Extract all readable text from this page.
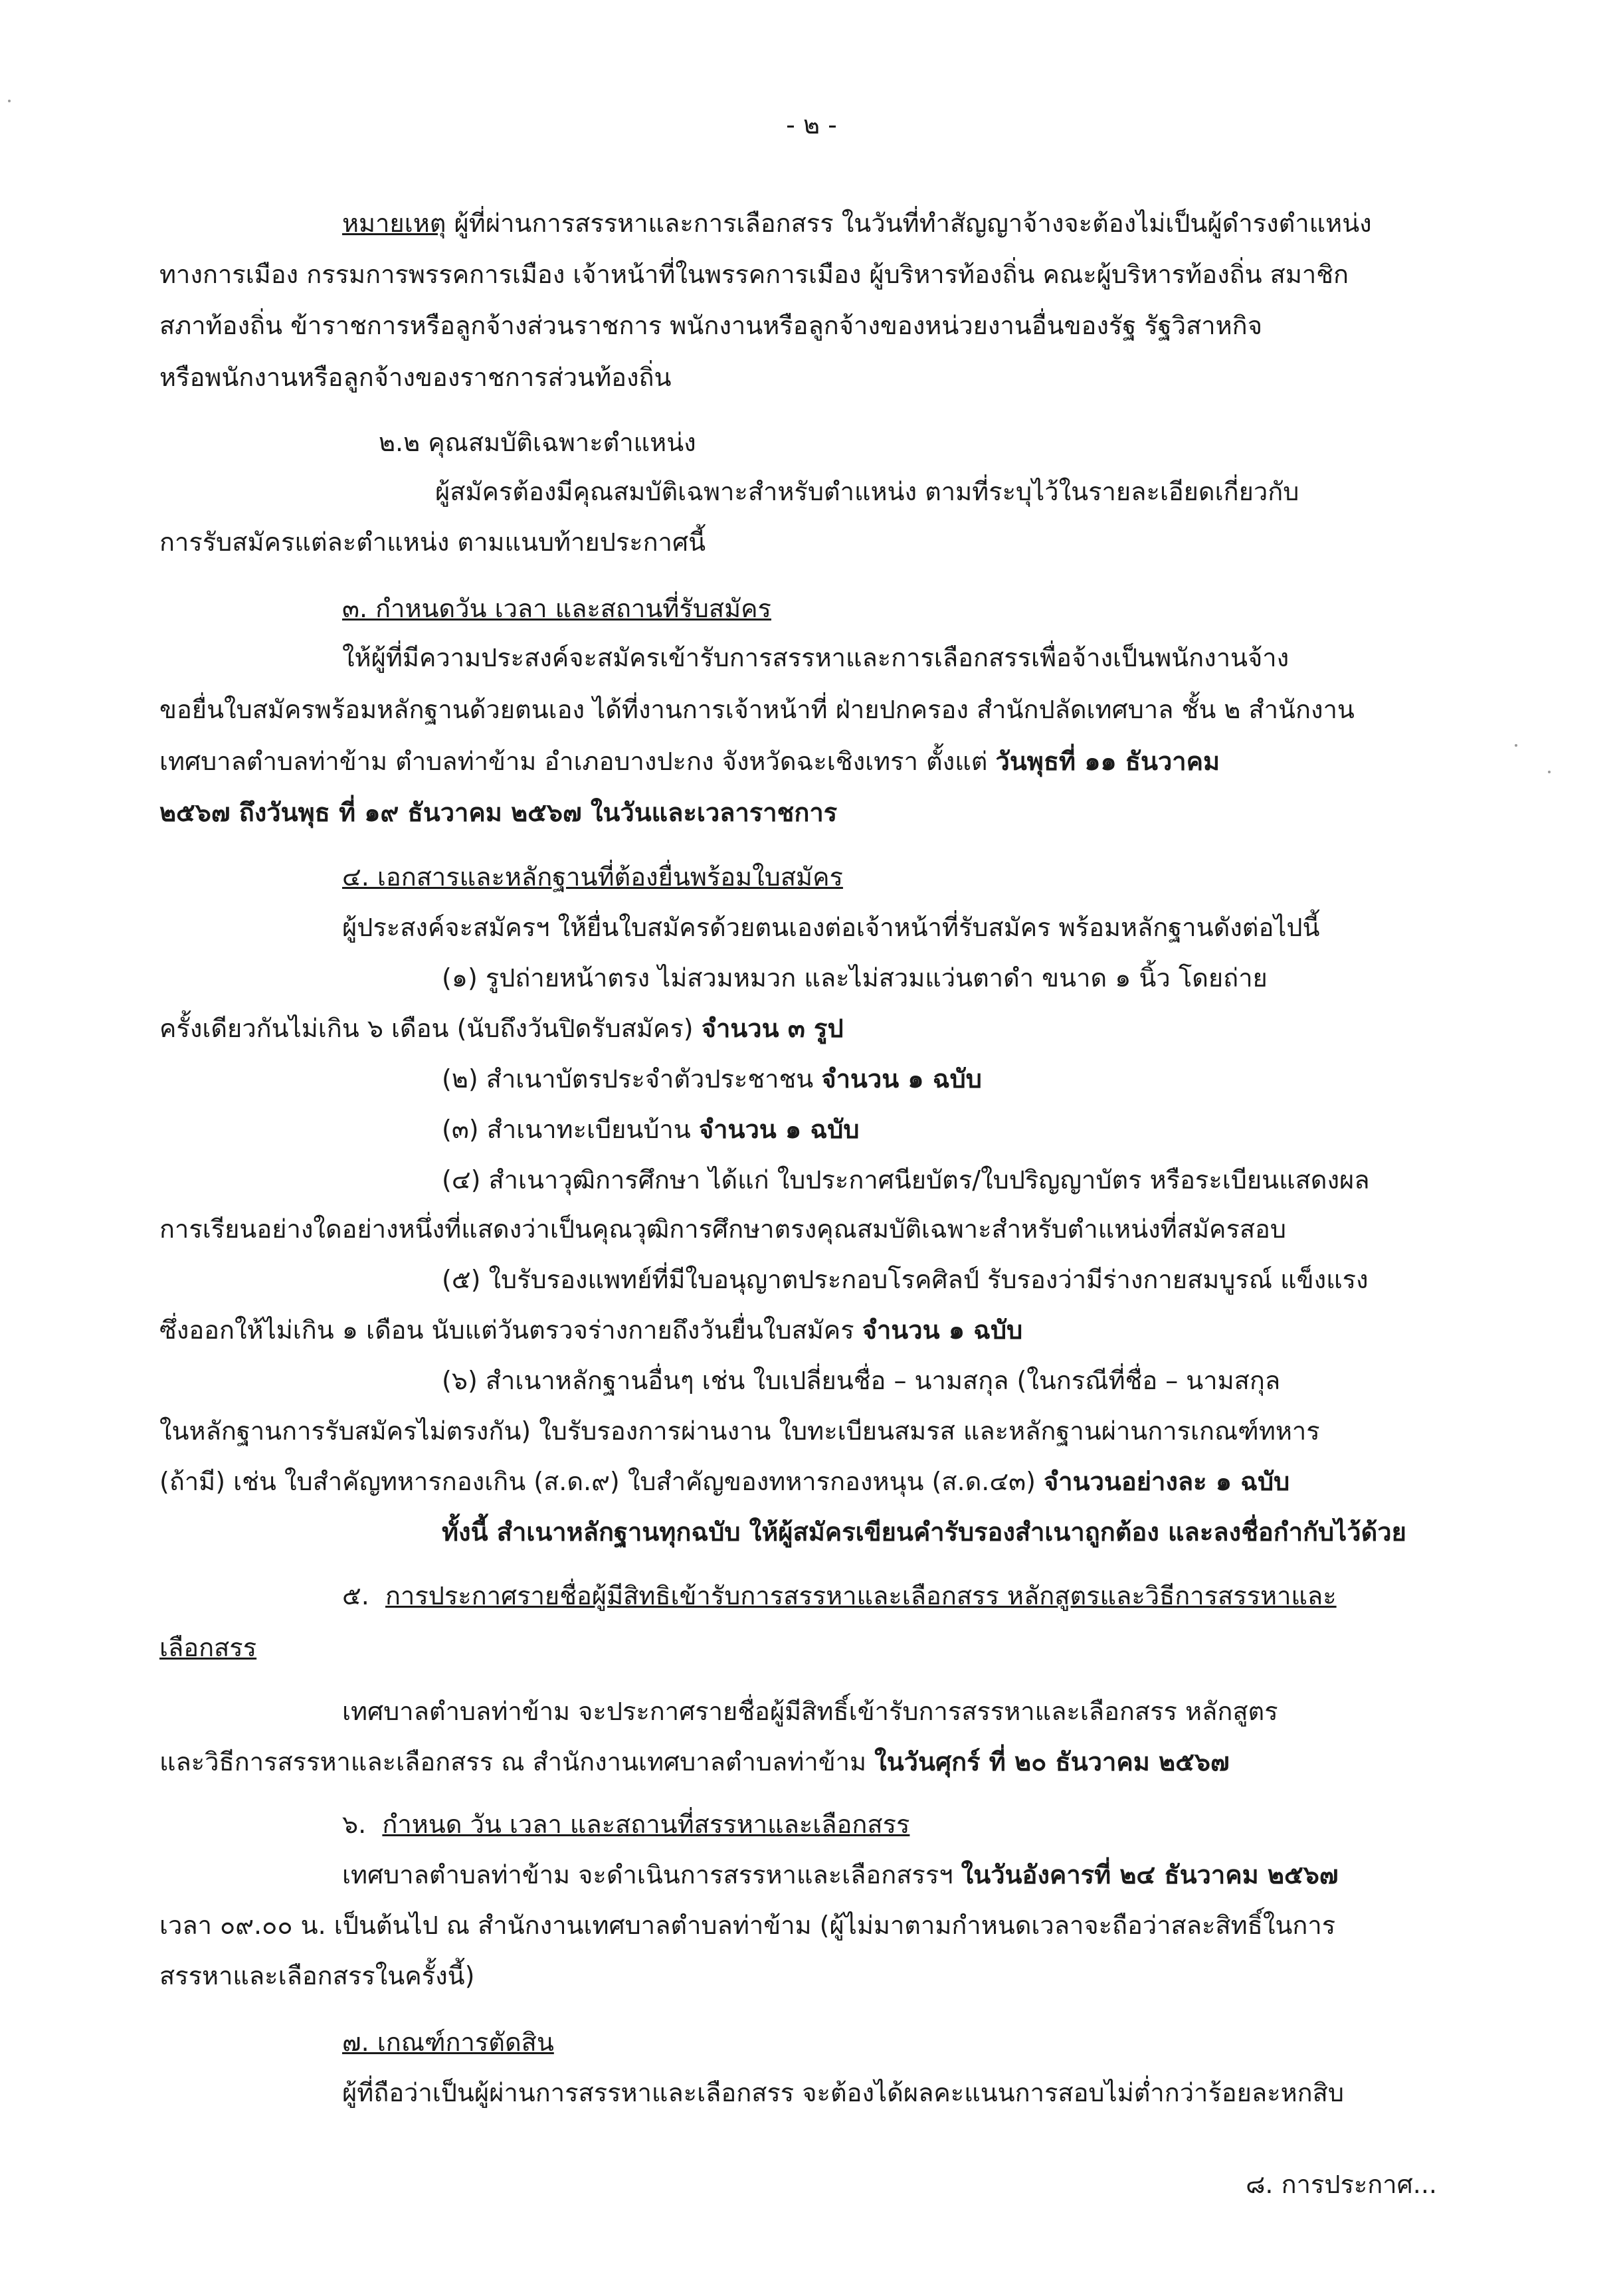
- ๒ -
หมายเหตุ ผู้ที่ผ่านการสรรหาและการเลือกสรร ในวันที่ทำสัญญาจ้างจะต้องไม่เป็นผู้ดำรงตำแหน่ง
ทางการเมือง กรรมการพรรคการเมือง เจ้าหน้าที่ในพรรคการเมือง ผู้บริหารท้องถิ่น คณะผู้บริหารท้องถิ่น สมาชิก
สภาท้องถิ่น ข้าราชการหรือลูกจ้างส่วนราชการ พนักงานหรือลูกจ้างของหน่วยงานอื่นของรัฐ รัฐวิสาหกิจ
หรือพนักงานหรือลูกจ้างของราชการส่วนท้องถิ่น
๒.๒ คุณสมบัติเฉพาะตำแหน่ง
ผู้สมัครต้องมีคุณสมบัติเฉพาะสำหรับตำแหน่ง ตามที่ระบุไว้ในรายละเอียดเกี่ยวกับ
การรับสมัครแต่ละตำแหน่ง ตามแนบท้ายประกาศนี้
๓. กำหนดวัน เวลา และสถานที่รับสมัคร
ให้ผู้ที่มีความประสงค์จะสมัครเข้ารับการสรรหาและการเลือกสรรเพื่อจ้างเป็นพนักงานจ้าง
ขอยื่นใบสมัครพร้อมหลักฐานด้วยตนเอง ได้ที่งานการเจ้าหน้าที่ ฝ่ายปกครอง สำนักปลัดเทศบาล ชั้น ๒ สำนักงาน
เทศบาลตำบลท่าข้าม ตำบลท่าข้าม อำเภอบางปะกง จังหวัดฉะเชิงเทรา ตั้งแต่ วันพุธที่ ๑๑ ธันวาคม
๒๕๖๗ ถึงวันพุธ ที่ ๑๙ ธันวาคม ๒๕๖๗ ในวันและเวลาราชการ
๔. เอกสารและหลักฐานที่ต้องยื่นพร้อมใบสมัคร
ผู้ประสงค์จะสมัครฯ ให้ยื่นใบสมัครด้วยตนเองต่อเจ้าหน้าที่รับสมัคร พร้อมหลักฐานดังต่อไปนี้
(๑) รูปถ่ายหน้าตรง ไม่สวมหมวก และไม่สวมแว่นตาดำ ขนาด ๑ นิ้ว โดยถ่าย
ครั้งเดียวกันไม่เกิน ๖ เดือน (นับถึงวันปิดรับสมัคร) จำนวน ๓ รูป
(๒) สำเนาบัตรประจำตัวประชาชน จำนวน ๑ ฉบับ
(๓) สำเนาทะเบียนบ้าน จำนวน ๑ ฉบับ
(๔) สำเนาวุฒิการศึกษา ได้แก่ ใบประกาศนียบัตร/ใบปริญญาบัตร หรือระเบียนแสดงผล
การเรียนอย่างใดอย่างหนึ่งที่แสดงว่าเป็นคุณวุฒิการศึกษาตรงคุณสมบัติเฉพาะสำหรับตำแหน่งที่สมัครสอบ
(๕) ใบรับรองแพทย์ที่มีใบอนุญาตประกอบโรคศิลป์ รับรองว่ามีร่างกายสมบูรณ์ แข็งแรง
ซึ่งออกให้ไม่เกิน ๑ เดือน นับแต่วันตรวจร่างกายถึงวันยื่นใบสมัคร จำนวน ๑ ฉบับ
(๖) สำเนาหลักฐานอื่นๆ เช่น ใบเปลี่ยนชื่อ – นามสกุล (ในกรณีที่ชื่อ – นามสกุล
ในหลักฐานการรับสมัครไม่ตรงกัน) ใบรับรองการผ่านงาน ใบทะเบียนสมรส และหลักฐานผ่านการเกณฑ์ทหาร
(ถ้ามี) เช่น ใบสำคัญทหารกองเกิน (ส.ด.๙) ใบสำคัญของทหารกองหนุน (ส.ด.๔๓) จำนวนอย่างละ ๑ ฉบับ
ทั้งนี้ สำเนาหลักฐานทุกฉบับ ให้ผู้สมัครเขียนคำรับรองสำเนาถูกต้อง และลงชื่อกำกับไว้ด้วย
๕. การประกาศรายชื่อผู้มีสิทธิเข้ารับการสรรหาและเลือกสรร หลักสูตรและวิธีการสรรหาและ
เลือกสรร
เทศบาลตำบลท่าข้าม จะประกาศรายชื่อผู้มีสิทธิ์เข้ารับการสรรหาและเลือกสรร หลักสูตร
และวิธีการสรรหาและเลือกสรร ณ สำนักงานเทศบาลตำบลท่าข้าม ในวันศุกร์ ที่ ๒๐ ธันวาคม ๒๕๖๗
๖. กำหนด วัน เวลา และสถานที่สรรหาและเลือกสรร
เทศบาลตำบลท่าข้าม จะดำเนินการสรรหาและเลือกสรรฯ ในวันอังคารที่ ๒๔ ธันวาคม ๒๕๖๗
เวลา ๐๙.๐๐ น. เป็นต้นไป ณ สำนักงานเทศบาลตำบลท่าข้าม (ผู้ไม่มาตามกำหนดเวลาจะถือว่าสละสิทธิ์ในการ
สรรหาและเลือกสรรในครั้งนี้)
๗. เกณฑ์การตัดสิน
ผู้ที่ถือว่าเป็นผู้ผ่านการสรรหาและเลือกสรร จะต้องได้ผลคะแนนการสอบไม่ต่ำกว่าร้อยละหกสิบ
๘. การประกาศ...
